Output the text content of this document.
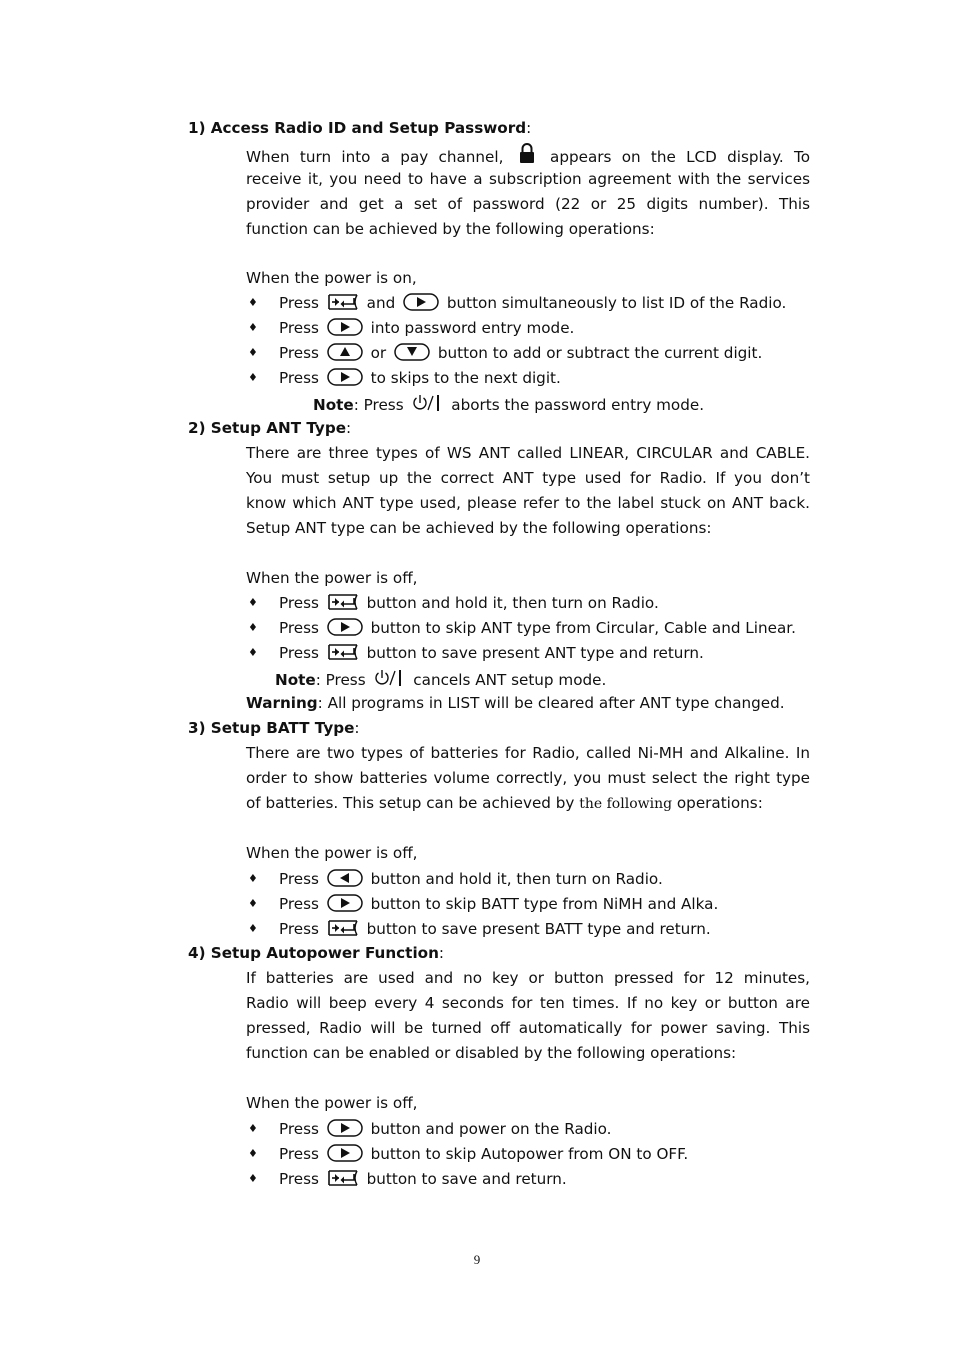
1) Access Radio ID and Setup Password:
When turn into a pay channel,  appears on the LCD display. To
receive it, you need to have a subscription agreement with the services
provider and get a set of password (22 or 25 digits number). This
function can be achieved by the following operations:
When the power is on,
♦ Press	and	button simultaneously to list ID of the Radio.
♦ Press	into password entry mode.
♦ Press	or	button to add or subtract the current digit.
♦ Press	to skips to the next digit.
Note: Press	aborts the password entry mode.
2) Setup ANT Type:
There are three types of WS ANT called LINEAR, CIRCULAR and CABLE.
You must setup up the correct ANT type used for Radio. If you don’t
know which ANT type used, please refer to the label stuck on ANT back.
Setup ANT type can be achieved by the following operations:
When the power is off,
♦ Press	button and hold it, then turn on Radio.
♦ Press	button to skip ANT type from Circular, Cable and Linear.
♦ Press	button to save present ANT type and return.
Note: Press	cancels ANT setup mode.
Warning: All programs in LIST will be cleared after ANT type changed.
3) Setup BATT Type:
There are two types of batteries for Radio, called Ni-MH and Alkaline. In
order to show batteries volume correctly, you must select the right type
of batteries. This setup can be achieved by the following operations:
When the power is off,
♦ Press	button and hold it, then turn on Radio.
♦ Press	button to skip BATT type from NiMH and Alka.
♦ Press	button to save present BATT type and return.
4) Setup Autopower Function:
If batteries are used and no key or button pressed for 12 minutes,
Radio will beep every 4 seconds for ten times. If no key or button are
pressed, Radio will be turned off automatically for power saving. This
function can be enabled or disabled by the following operations:
When the power is off,
♦ Press	button and power on the Radio.
♦ Press	button to skip Autopower from ON to OFF.
♦ Press	button to save and return.
9
